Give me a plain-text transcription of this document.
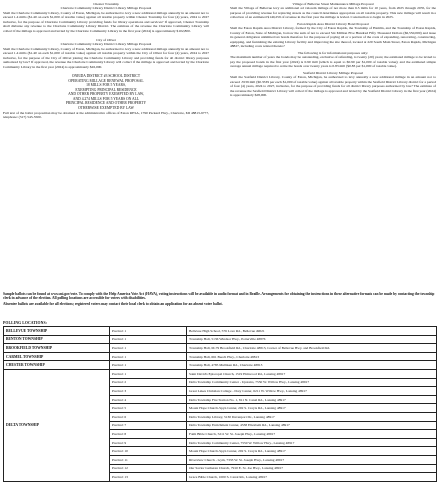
Chester Township

Charlotte Community Library District Library Millage Proposal

Shall the Charlotte Community Library, County of Eaton, Michigan, be authorized to levy a new additional millage annually in an amount not to exceed 1.4 mills ($1.40 on each $1,000 of taxable value) against all taxable property within Chester Township for four (4) years, 2024 to 2027 inclusive, for the purpose of Charlotte Community Library providing funds for library operations and services? If approved, Chester Township shall disburse any revenue to the Charlotte Community Library District. The estimate of the revenue the Charlotte Community Library will collect if the millage is approved and levied by the Charlotte Community Library in the first year (2024) is approximately $102,800.

City of Olivet

Charlotte Community Library District Library Millage Proposal

Shall the Charlotte Community Library, County of Eaton, Michigan, be authorized to levy a new additional millage annually in an amount not to exceed 1.4 mills ($1.40 on each $1,000 of taxable value) against all taxable property within the City of Olivet for four (4) years, 2024 to 2027 inclusive, for the purpose of the City of Olivet joining the Charlotte Community Library and providing funds for all district library purposes authorized by law? If approved, the revenue the Charlotte Community Library will collect if the millage is approved and levied by the Charlotte Community Library in the first year (2024) is approximately $26,000.

ONEIDA DISTRICT #3 SCHOOL DISTRICT

OPERATING MILLAGE RENEWAL PROPOSAL

18 MILLS FOR 5 YEARS,

EXEMPTING PRINCIPAL RESIDENCE

AND OTHER PROPERTY EXEMPTED BY LAW,

AND 4.274 MILLS FOR 5 YEARS ON ALL

PRINCIPAL RESIDENCE AND OTHER PROPERTY

OTHERWISE EXEMPTED BY LAW

Full text of the ballot proposition may be obtained at the administrative offices of Eaton RESA, 1790 Packard Hwy., Charlotte, MI 48813-9777, telephone: (517) 543-5500.

Village of Bellevue Street Maintenance Millage Proposal

Shall the Village of Bellevue levy an additional ad valorem millage of not more than 6.5 mills for 10 years, from 2025 through 2035, for the purpose of providing revenue for replacing streets as the council determines appropriate on all taxable property. This new millage will result in a collection of an estimated $140,259 of revenue in the first year the millage is levied. Construction to begin in 2025.

Eaton Rapids Area District Library Bond Proposal

Shall the Eaton Rapids Area District Library, formed by the City of Eaton Rapids, the Township of Hamlin, and the Township of Eaton Rapids, County of Eaton, State of Michigan, borrow the sum of not to exceed Six Million Five Hundred Fifty Thousand Dollars ($6,550,000) and issue its general obligation unlimited tax bonds therefore for the purpose of paying all or a portion of the costs of expanding, renovating, constructing, equipping, and furnishing the existing Library facility and improving the site thereof, located at 220 South Main Street, Eaton Rapids, Michigan 48827, including costs related thereto?

The following is for informational purposes only:

The maximum number of years the bonds may be outstanding, exclusive of refunding, is twenty (20) years; the estimated millage to be levied to pay the proposed bonds in the first year (2024) is 0.90 mill (which is equal to $0.90 per $1,000 of taxable value); and the estimated simple average annual millage required to retire the bonds over twenty years is 0.83 mill ($0.83 per $1,000 of taxable value).

Saxfield District Library Millage Proposal

Shall the Saxfield District Library, County of Eaton, Michigan, be authorized to levy annually a new additional millage in an amount not to exceed .3539 mill ($0.3539 per each $1,000 of taxable value) against all taxable property within the Saxfield District Library district for a period of four (4) years, 2024 to 2027, inclusive, for the purpose of providing funds for all district library purposes authorized by law? The estimate of the revenue the Saxfield District Library will collect if the millage is approved and levied by the Saxfield District Library in the first year (2024) is approximately $28,000.

Sample ballots can be found at www.mi.gov/vote. To comply with the Help America Vote Act (HAVA), voting instructions will be available in audio format and in Braille. Arrangements for obtaining the instructions in these alternative formats can be made by contacting the township clerk in advance of the election. All polling locations are accessible for voters with disabilities.

Absentee ballots are available for all elections; registered voters may contact their local clerk to obtain an application for an absent voter ballot.

POLLING LOCATIONS:
BELLEVUE TOWNSHIP	Precinct 1	Bellevue High School, 576 Love Rd., Bellevue 49021
BENTON TOWNSHIP	Precinct 1	Township Hall, 5136 Windsor Hwy., Potterville 48876
BROOKFIELD TOWNSHIP	Precinct 1	Township Hall, M-79 Brookfield Rd., Charlotte 48813, Corner of Bellevue Hwy. and Brookfield Rd.
CARMEL TOWNSHIP	Precinct 1	Township Hall, 661 Beech Hwy., Charlotte 48813
CHESTER TOWNSHIP	Precinct 1	Township Hall, 4785 Mulliken Rd., Charlotte 48813
DELTA TOWNSHIP	Precinct 1	Saint David's Episcopal Church, 1519 Elmwood Rd., Lansing 48917
	Precinct 2	Delta Township Community Center - Upstairs, 7550 W. Willow Hwy., Lansing 48917
	Precinct 3	Great Lakes Christian College - Doty Center, 6211 W. Willow Hwy., Lansing 48917
	Precinct 4	Delta Township Fire Station No. 1, 811 N. Canal Rd., Lansing 48917
	Precinct 5	Mount Hope Church-Spyn Center, 202 S. Creyts Rd., Lansing 48917
	Precinct 6	Delta Township Library, 5130 Davenport Dr., Lansing 48917
	Precinct 7	Delta Township Enrichment Center, 4538 Elizabeth Rd., Lansing 48917
	Precinct 8	Faith Bible Church, 5211 W. St. Joseph Hwy., Lansing 48917
	Precinct 9	Delta Township Community Center, 7550 W. Willow Hwy., Lansing 48917
	Precinct 10	Mount Hope Church-Spyn Center, 202 S. Creyts Rd., Lansing 48917
	Precinct 11	Riverview Church - Gym, 7333 W. St. Joseph Hwy., Lansing 48917
	Precinct 12	Our Savior Lutheran Church, 7910 E. St. Joe Hwy., Lansing 48917
	Precinct 13	Grace Bible Church, 1000 S. Canal Rd., Lansing 48917
